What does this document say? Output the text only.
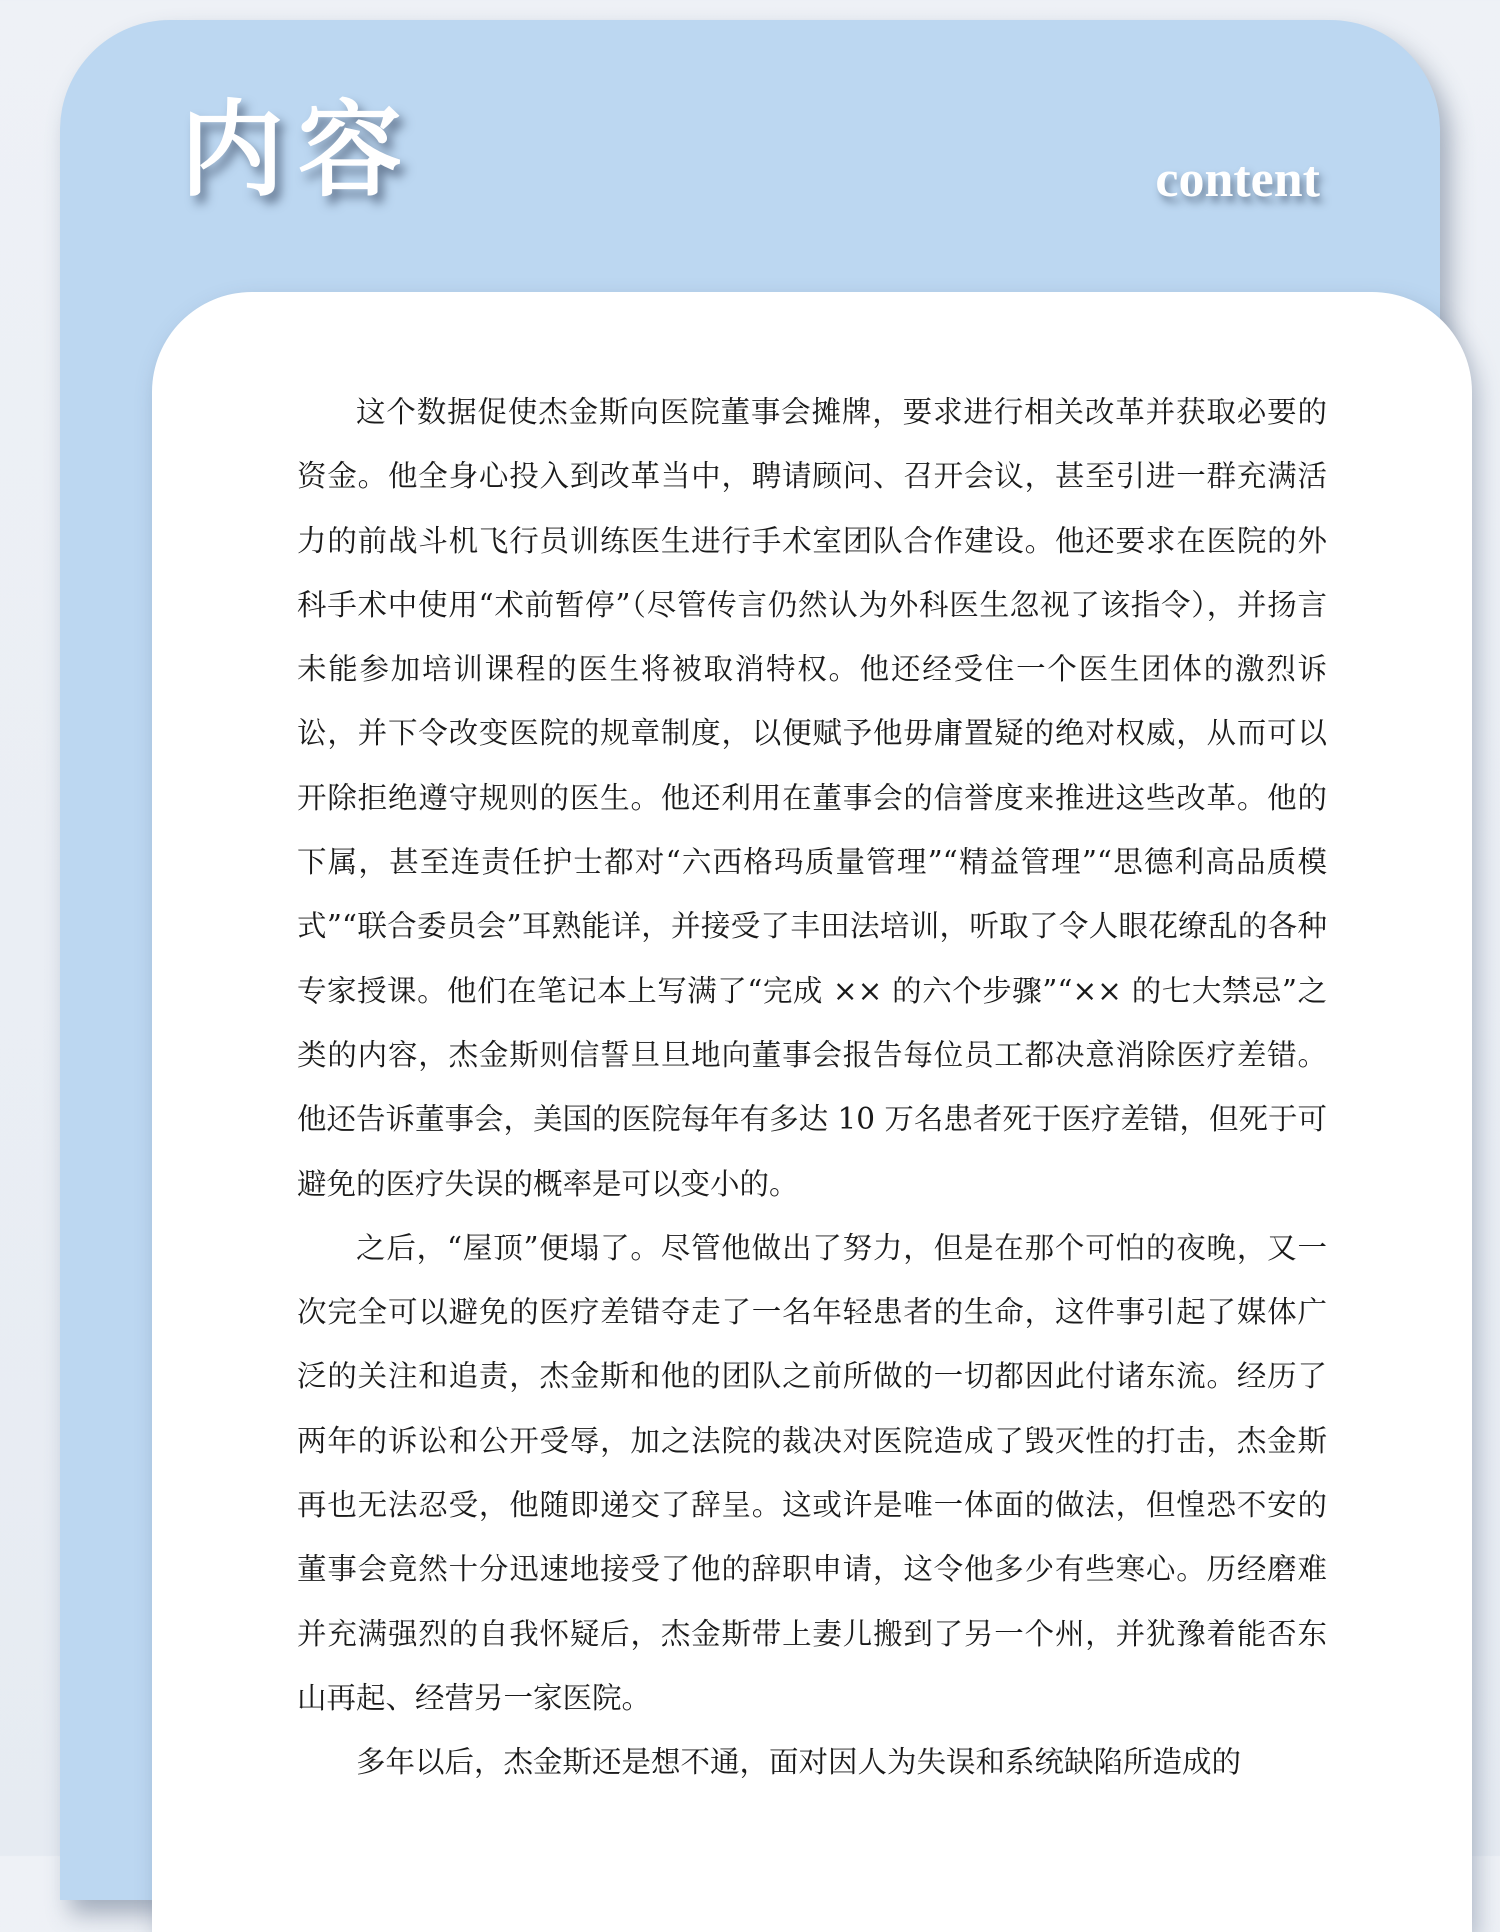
内容	content

这个数据促使杰金斯向医院董事会摊牌，要求进行相关改革并获取必要的资金。他全身心投入到改革当中，聘请顾问、召开会议，甚至引进一群充满活力的前战斗机飞行员训练医生进行手术室团队合作建设。他还要求在医院的外科手术中使用“术前暂停”（尽管传言仍然认为外科医生忽视了该指令），并扬言未能参加培训课程的医生将被取消特权。他还经受住一个医生团体的激烈诉讼，并下令改变医院的规章制度，以便赋予他毋庸置疑的绝对权威，从而可以开除拒绝遵守规则的医生。他还利用在董事会的信誉度来推进这些改革。他的下属，甚至连责任护士都对“六西格玛质量管理”“精益管理”“思德利高品质模式”“联合委员会”耳熟能详，并接受了丰田法培训，听取了令人眼花缭乱的各种专家授课。他们在笔记本上写满了“完成 ×× 的六个步骤”“×× 的七大禁忌”之类的内容，杰金斯则信誓旦旦地向董事会报告每位员工都决意消除医疗差错。他还告诉董事会，美国的医院每年有多达 10 万名患者死于医疗差错，但死于可避免的医疗失误的概率是可以变小的。

之后，“屋顶”便塌了。尽管他做出了努力，但是在那个可怕的夜晚，又一次完全可以避免的医疗差错夺走了一名年轻患者的生命，这件事引起了媒体广泛的关注和追责，杰金斯和他的团队之前所做的一切都因此付诸东流。经历了两年的诉讼和公开受辱，加之法院的裁决对医院造成了毁灭性的打击，杰金斯再也无法忍受，他随即递交了辞呈。这或许是唯一体面的做法，但惶恐不安的董事会竟然十分迅速地接受了他的辞职申请，这令他多少有些寒心。历经磨难并充满强烈的自我怀疑后，杰金斯带上妻儿搬到了另一个州，并犹豫着能否东山再起、经营另一家医院。

多年以后，杰金斯还是想不通，面对因人为失误和系统缺陷所造成的
